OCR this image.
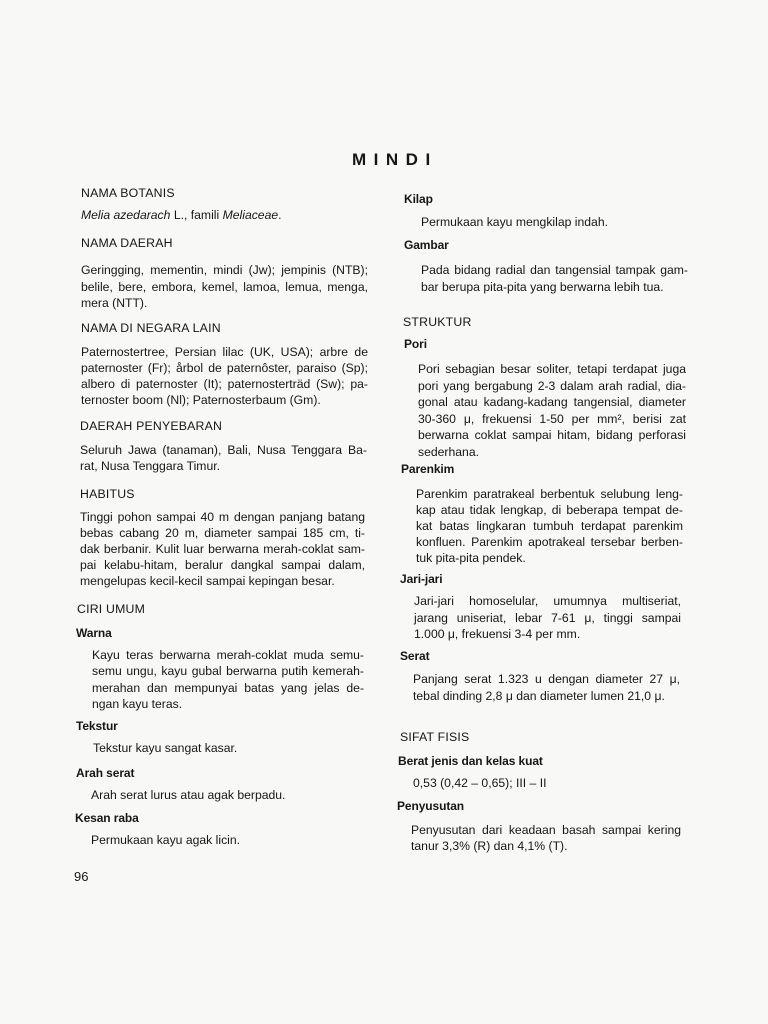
MINDI
NAMA BOTANIS
Melia azedarach L., famili Meliaceae.
NAMA DAERAH
Geringging, mementin, mindi (Jw); jempinis (NTB);
belile, bere, embora, kemel, lamoa, lemua, menga,
mera (NTT).
NAMA DI NEGARA LAIN
Paternostertree, Persian lilac (UK, USA); arbre de
paternoster (Fr); årbol de paternôster, paraiso (Sp);
albero di paternoster (It); paternosterträd (Sw); pa-
ternoster boom (Nl); Paternosterbaum (Gm).
DAERAH PENYEBARAN
Seluruh Jawa (tanaman), Bali, Nusa Tenggara Ba-
rat, Nusa Tenggara Timur.
HABITUS
Tinggi pohon sampai 40 m dengan panjang batang
bebas cabang 20 m, diameter sampai 185 cm, ti-
dak berbanir. Kulit luar berwarna merah-coklat sam-
pai kelabu-hitam, beralur dangkal sampai dalam,
mengelupas kecil-kecil sampai kepingan besar.
CIRI UMUM
Warna
Kayu teras berwarna merah-coklat muda semu-
semu ungu, kayu gubal berwarna putih kemerah-
merahan dan mempunyai batas yang jelas de-
ngan kayu teras.
Tekstur
Tekstur kayu sangat kasar.
Arah serat
Arah serat lurus atau agak berpadu.
Kesan raba
Permukaan kayu agak licin.
96
Kilap
Permukaan kayu mengkilap indah.
Gambar
Pada bidang radial dan tangensial tampak gam-
bar berupa pita-pita yang berwarna lebih tua.
STRUKTUR
Pori
Pori sebagian besar soliter, tetapi terdapat juga
pori yang bergabung 2-3 dalam arah radial, dia-
gonal atau kadang-kadang tangensial, diameter
30-360 μ, frekuensi 1-50 per mm², berisi zat
berwarna coklat sampai hitam, bidang perforasi
sederhana.
Parenkim
Parenkim paratrakeal berbentuk selubung leng-
kap atau tidak lengkap, di beberapa tempat de-
kat batas lingkaran tumbuh terdapat parenkim
konfluen. Parenkim apotrakeal tersebar berben-
tuk pita-pita pendek.
Jari-jari
Jari-jari homoselular, umumnya multiseriat,
jarang uniseriat, lebar 7-61 μ, tinggi sampai
1.000 μ, frekuensi 3-4 per mm.
Serat
Panjang serat 1.323 u dengan diameter 27 μ,
tebal dinding 2,8 μ dan diameter lumen 21,0 μ.
SIFAT FISIS
Berat jenis dan kelas kuat
0,53 (0,42 – 0,65); III – II
Penyusutan
Penyusutan dari keadaan basah sampai kering
tanur 3,3% (R) dan 4,1% (T).
